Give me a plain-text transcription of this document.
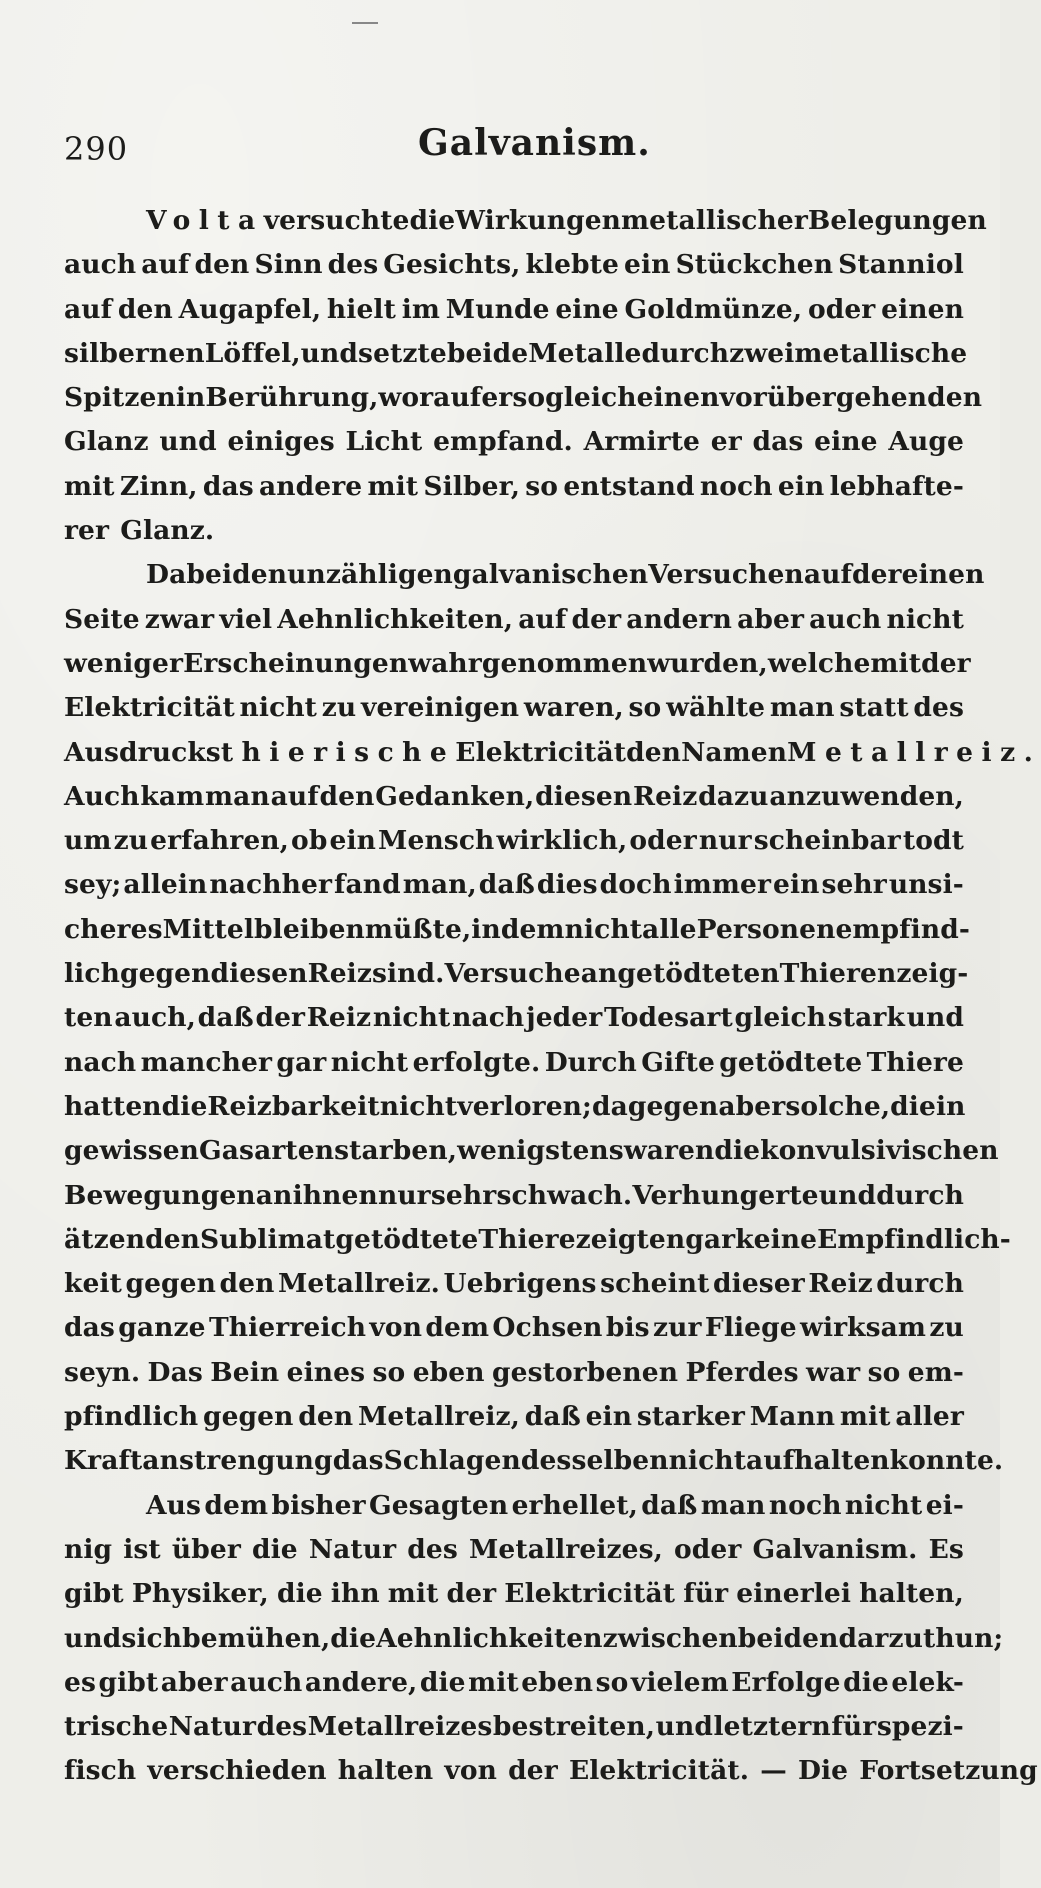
290	Galvanism.
Volta versuchte die Wirkungen metallischer Belegungen
auch auf den Sinn des Gesichts, klebte ein Stückchen Stanniol
auf den Augapfel, hielt im Munde eine Goldmünze, oder einen
silbernen Löffel, und setzte beide Metalle durch zwei metallische
Spitzen in Berührung, worauf er sogleich einen vorübergehenden
Glanz und einiges Licht empfand. Armirte er das eine Auge
mit Zinn, das andere mit Silber, so entstand noch ein lebhafte-
rer Glanz.
Da bei den unzähligen galvanischen Versuchen auf der einen
Seite zwar viel Aehnlichkeiten, auf der andern aber auch nicht
weniger Erscheinungen wahrgenommen wurden, welche mit der
Elektricität nicht zu vereinigen waren, so wählte man statt des
Ausdrucks thierische Elektricität den Namen Metallreiz.
Auch kam man auf den Gedanken, diesen Reiz dazu anzuwenden,
um zu erfahren, ob ein Mensch wirklich, oder nur scheinbar todt
sey; allein nachher fand man, daß dies doch immer ein sehr unsi-
cheres Mittel bleiben müßte, indem nicht alle Personen empfind-
lich gegen diesen Reiz sind. Versuche an getödteten Thieren zeig-
ten auch, daß der Reiz nicht nach jeder Todesart gleich stark und
nach mancher gar nicht erfolgte. Durch Gifte getödtete Thiere
hatten die Reizbarkeit nicht verloren; dagegen aber solche, die in
gewissen Gasarten starben, wenigstens waren die konvulsivischen
Bewegungen an ihnen nur sehr schwach. Verhungerte und durch
ätzenden Sublimat getödtete Thiere zeigten gar keine Empfindlich-
keit gegen den Metallreiz. Uebrigens scheint dieser Reiz durch
das ganze Thierreich von dem Ochsen bis zur Fliege wirksam zu
seyn. Das Bein eines so eben gestorbenen Pferdes war so em-
pfindlich gegen den Metallreiz, daß ein starker Mann mit aller
Kraftanstrengung das Schlagen desselben nicht aufhalten konnte.
Aus dem bisher Gesagten erhellet, daß man noch nicht ei-
nig ist über die Natur des Metallreizes, oder Galvanism. Es
gibt Physiker, die ihn mit der Elektricität für einerlei halten,
und sich bemühen, die Aehnlichkeiten zwischen beiden darzuthun;
es gibt aber auch andere, die mit eben so vielem Erfolge die elek-
trische Natur des Metallreizes bestreiten, und letztern für spezi-
fisch verschieden halten von der Elektricität. — Die Fortsetzung
